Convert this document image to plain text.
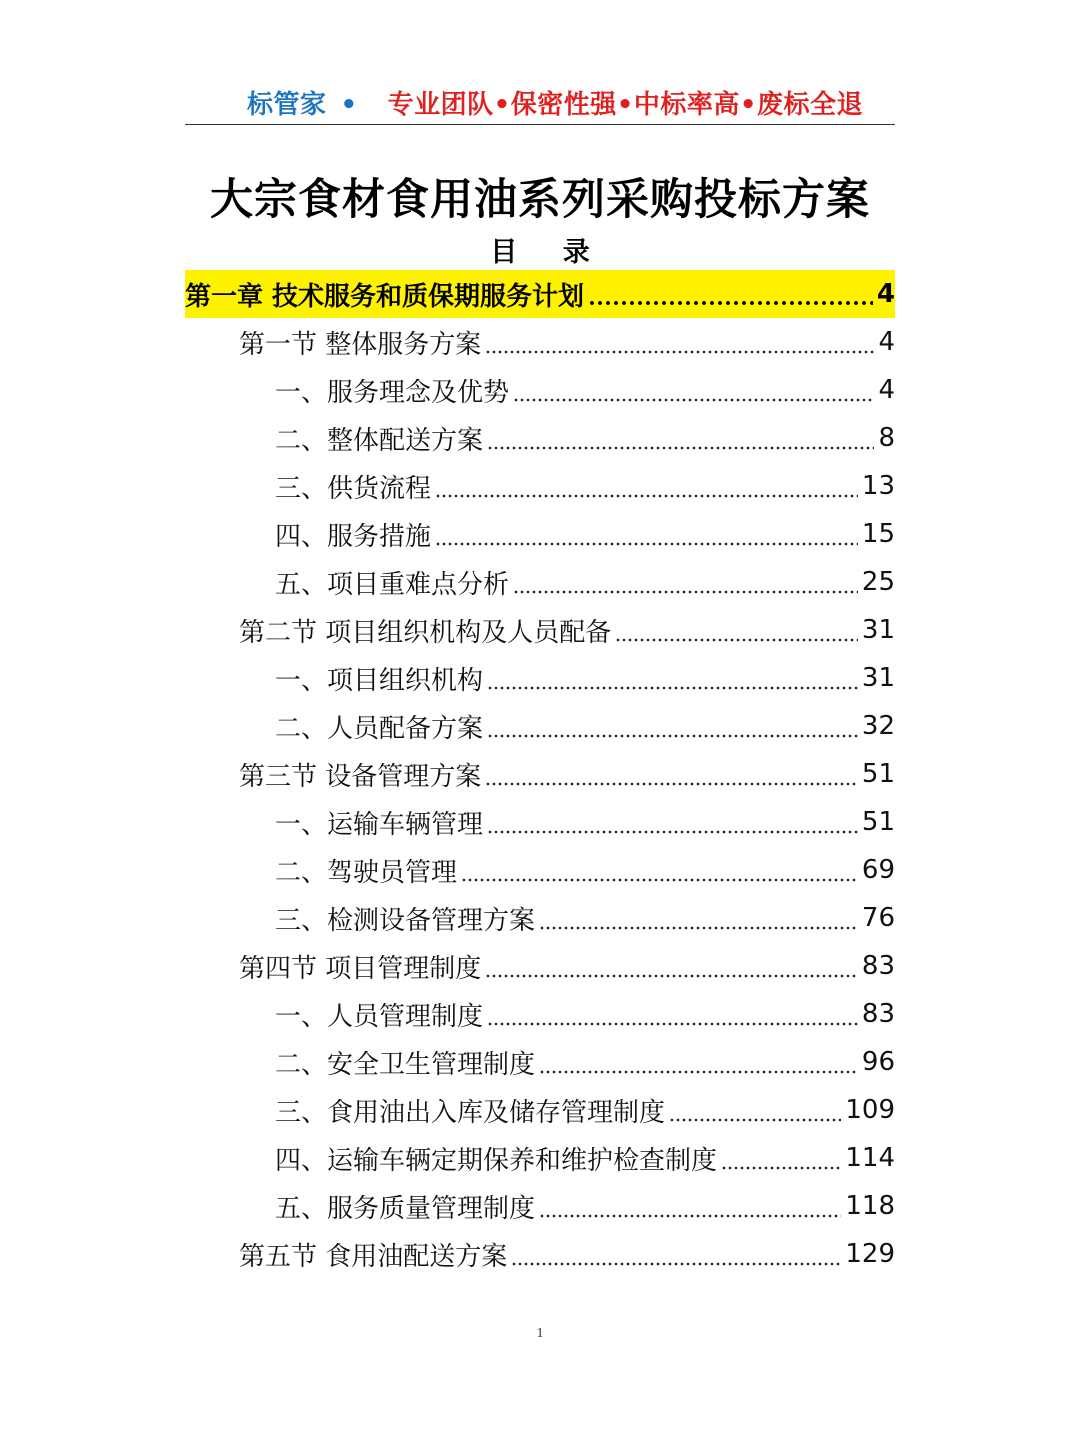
标管家 • 专业团队•保密性强•中标率高•废标全退
大宗食材食用油系列采购投标方案
目 录
第一章 技术服务和质保期服务计划	4
第一节 整体服务方案	4
一、服务理念及优势	4
二、整体配送方案	8
三、供货流程	13
四、服务措施	15
五、项目重难点分析	25
第二节 项目组织机构及人员配备	31
一、项目组织机构	31
二、人员配备方案	32
第三节 设备管理方案	51
一、运输车辆管理	51
二、驾驶员管理	69
三、检测设备管理方案	76
第四节 项目管理制度	83
一、人员管理制度	83
二、安全卫生管理制度	96
三、食用油出入库及储存管理制度	109
四、运输车辆定期保养和维护检查制度	114
五、服务质量管理制度	118
第五节 食用油配送方案	129
1
